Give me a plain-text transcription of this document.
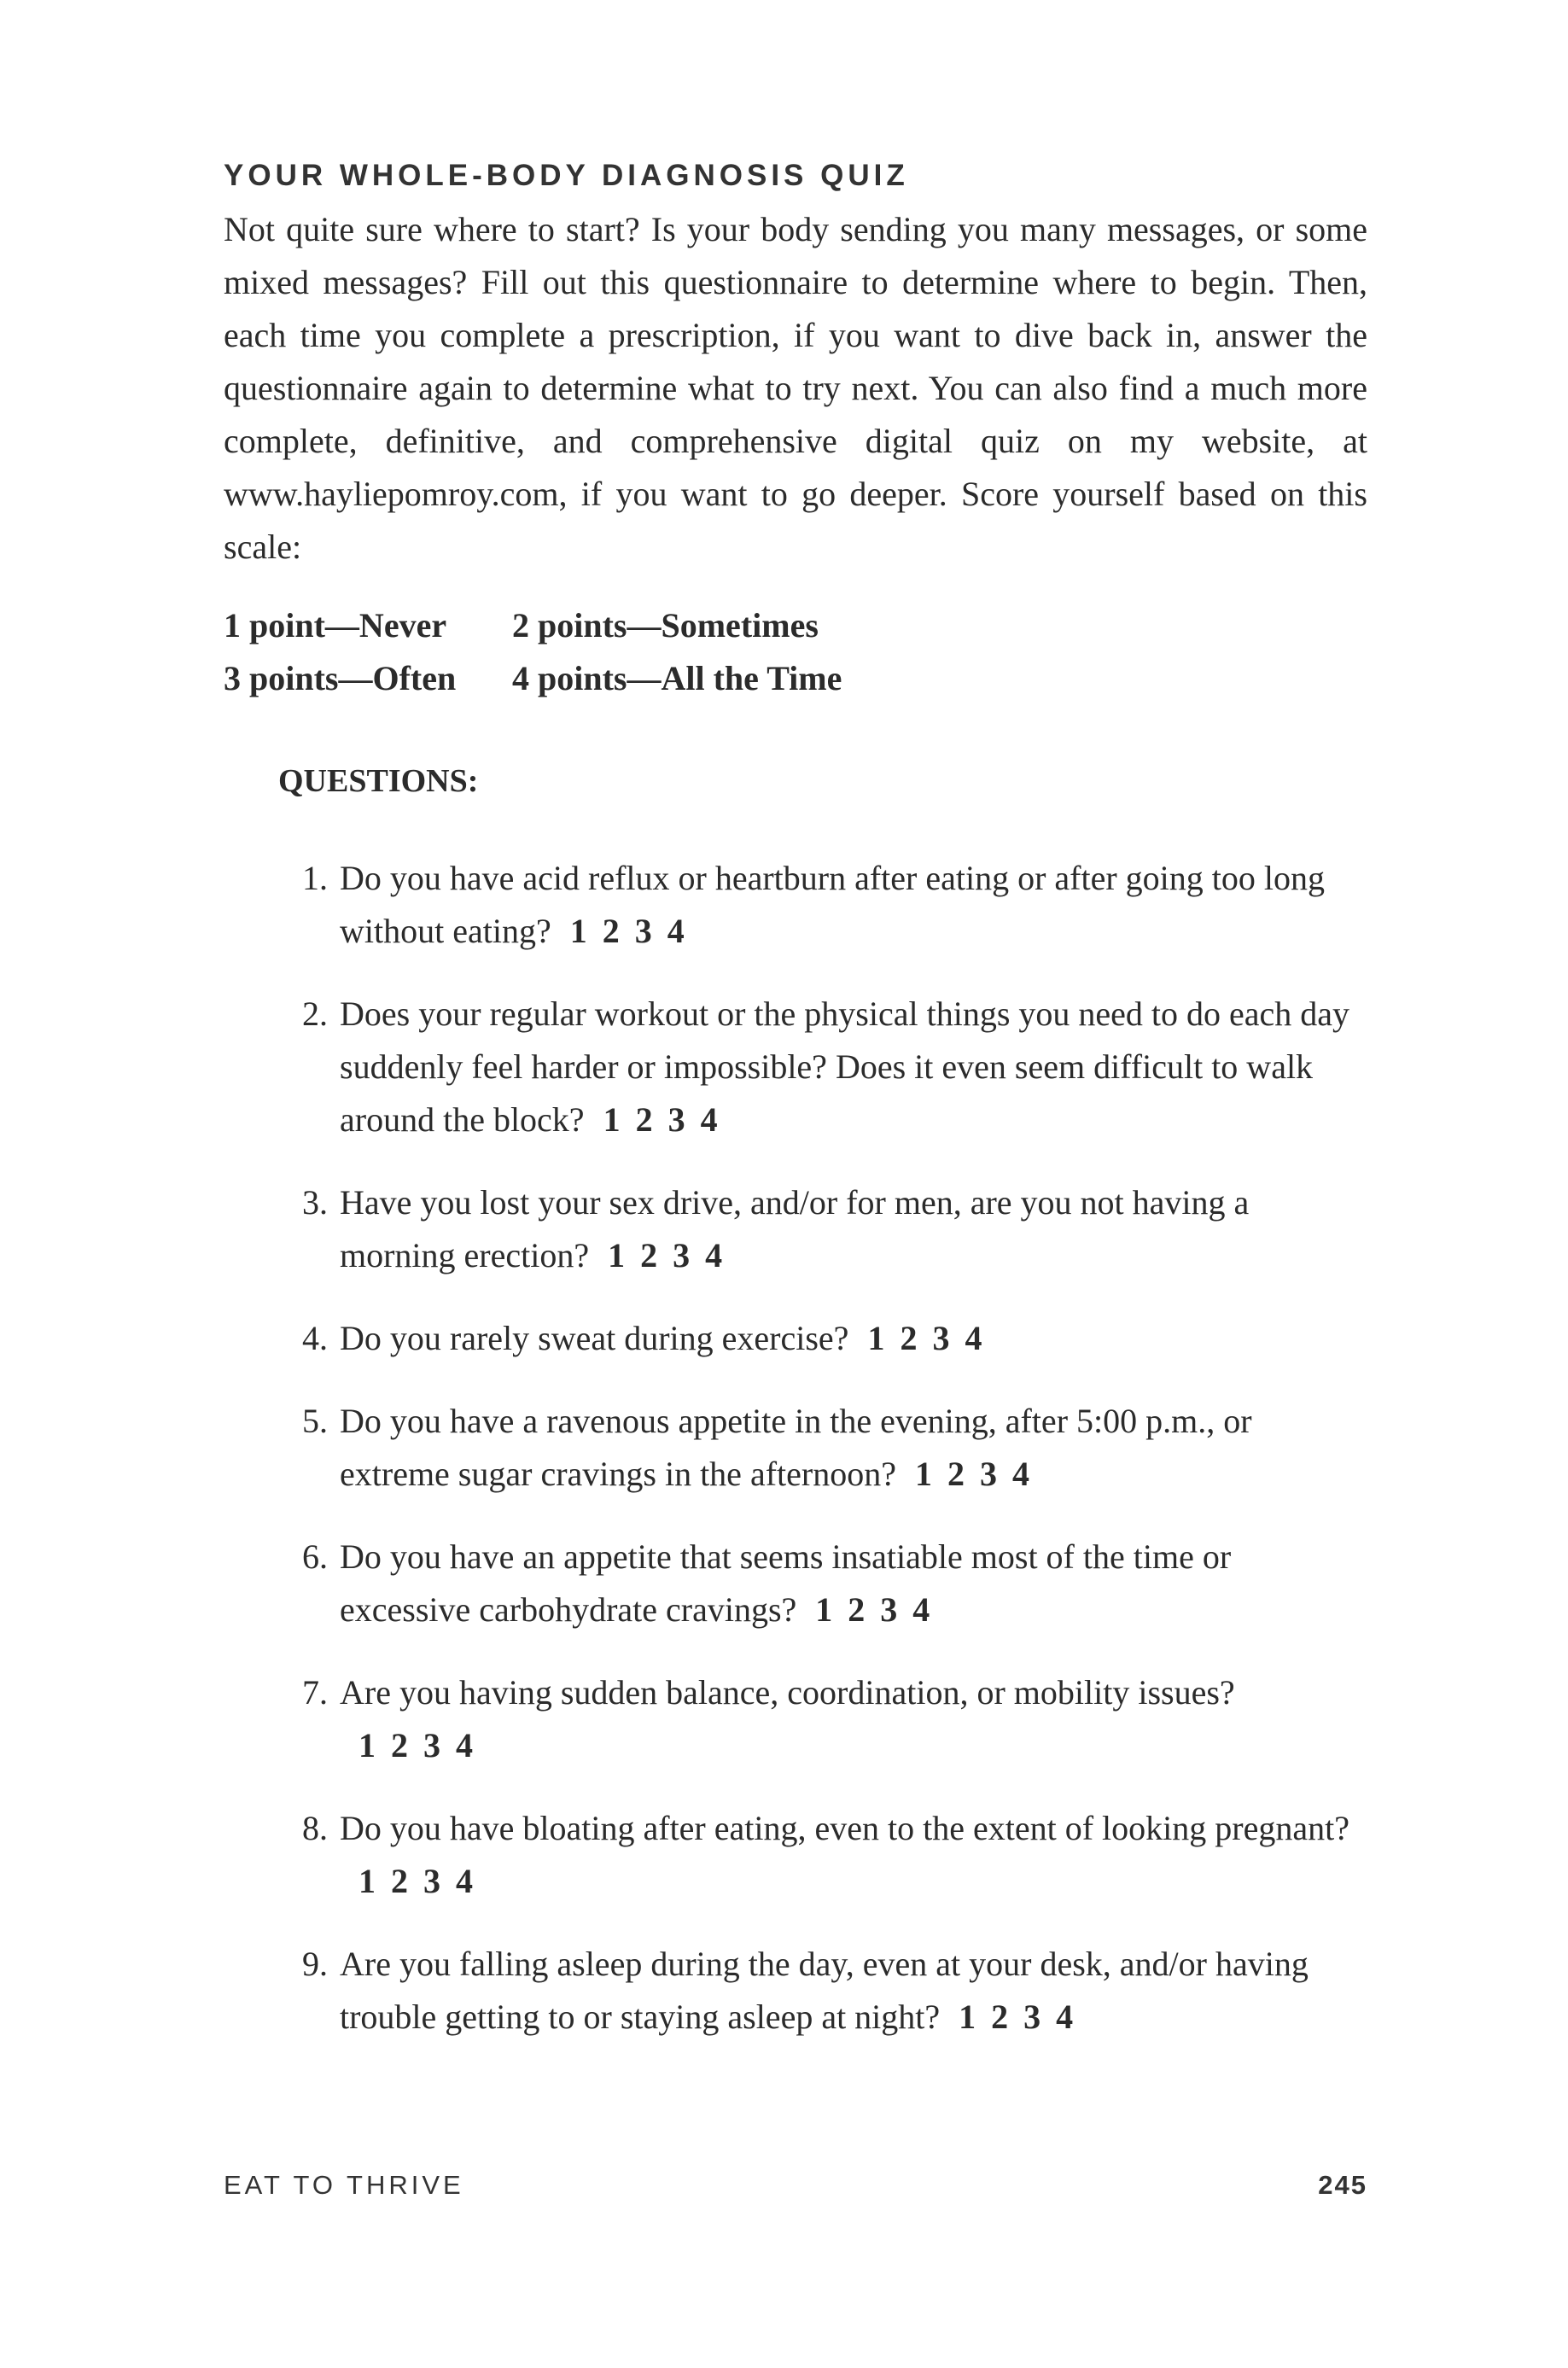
YOUR WHOLE-BODY DIAGNOSIS QUIZ

Not quite sure where to start? Is your body sending you many messages, or some mixed messages? Fill out this questionnaire to determine where to begin. Then, each time you complete a prescription, if you want to dive back in, answer the questionnaire again to determine what to try next. You can also find a much more complete, definitive, and comprehensive digital quiz on my website, at www.hayliepomroy.com, if you want to go deeper. Score yourself based on this scale:

1 point—Never	2 points—Sometimes
3 points—Often	4 points—All the Time
QUESTIONS:
1. Do you have acid reflux or heartburn after eating or after going too long without eating? 1 2 3 4
2. Does your regular workout or the physical things you need to do each day suddenly feel harder or impossible? Does it even seem difficult to walk around the block? 1 2 3 4
3. Have you lost your sex drive, and/or for men, are you not having a morning erection? 1 2 3 4
4. Do you rarely sweat during exercise? 1 2 3 4
5. Do you have a ravenous appetite in the evening, after 5:00 p.m., or extreme sugar cravings in the afternoon? 1 2 3 4
6. Do you have an appetite that seems insatiable most of the time or excessive carbohydrate cravings? 1 2 3 4
7. Are you having sudden balance, coordination, or mobility issues?1 2 3 4
8. Do you have bloating after eating, even to the extent of looking pregnant?1 2 3 4
9. Are you falling asleep during the day, even at your desk, and/or having trouble getting to or staying asleep at night? 1 2 3 4
EAT TO THRIVE	245
